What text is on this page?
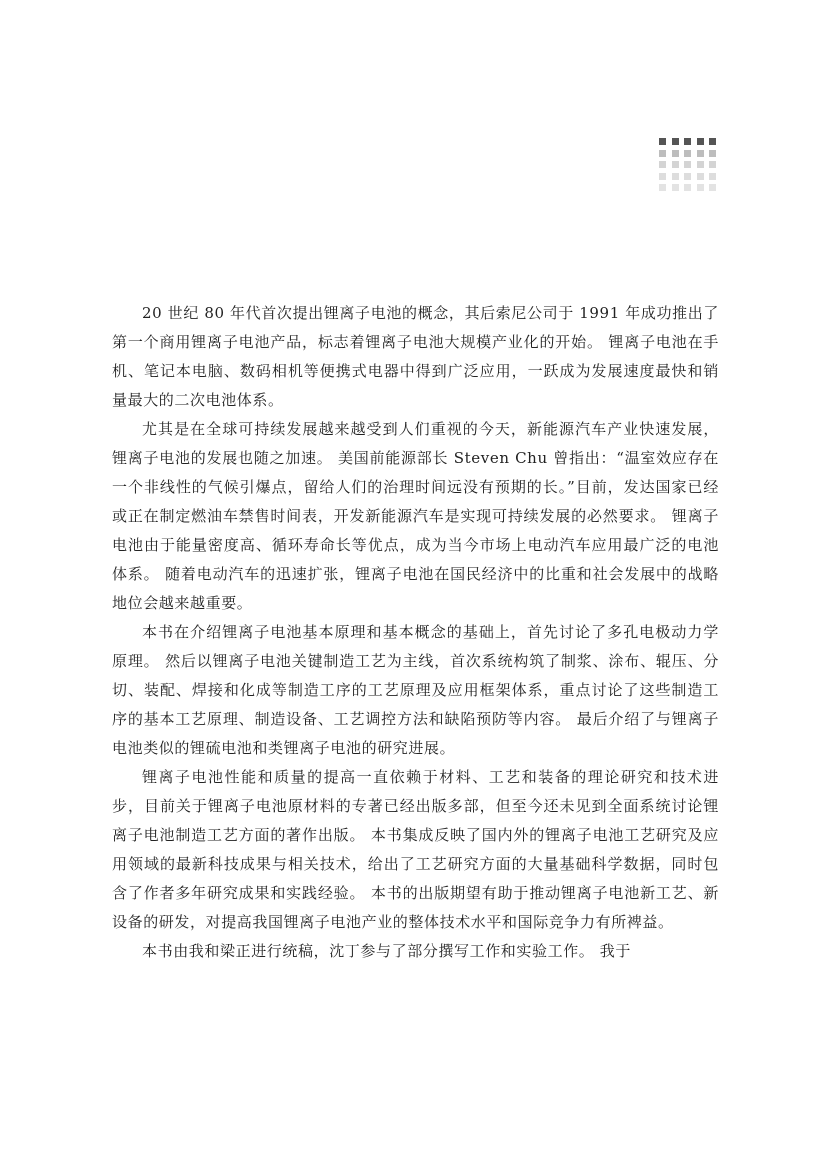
20 世纪 80 年代首次提出锂离子电池的概念，其后索尼公司于 1991 年成功推出了第一个商用锂离子电池产品，标志着锂离子电池大规模产业化的开始。 锂离子电池在手机、笔记本电脑、数码相机等便携式电器中得到广泛应用，一跃成为发展速度最快和销量最大的二次电池体系。

尤其是在全球可持续发展越来越受到人们重视的今天，新能源汽车产业快速发展，锂离子电池的发展也随之加速。 美国前能源部长 Steven Chu 曾指出：“温室效应存在一个非线性的气候引爆点，留给人们的治理时间远没有预期的长。”目前，发达国家已经或正在制定燃油车禁售时间表，开发新能源汽车是实现可持续发展的必然要求。 锂离子电池由于能量密度高、循环寿命长等优点，成为当今市场上电动汽车应用最广泛的电池体系。 随着电动汽车的迅速扩张，锂离子电池在国民经济中的比重和社会发展中的战略地位会越来越重要。

本书在介绍锂离子电池基本原理和基本概念的基础上，首先讨论了多孔电极动力学原理。 然后以锂离子电池关键制造工艺为主线，首次系统构筑了制浆、涂布、辊压、分切、装配、焊接和化成等制造工序的工艺原理及应用框架体系，重点讨论了这些制造工序的基本工艺原理、制造设备、工艺调控方法和缺陷预防等内容。 最后介绍了与锂离子电池类似的锂硫电池和类锂离子电池的研究进展。

锂离子电池性能和质量的提高一直依赖于材料、工艺和装备的理论研究和技术进步，目前关于锂离子电池原材料的专著已经出版多部，但至今还未见到全面系统讨论锂离子电池制造工艺方面的著作出版。 本书集成反映了国内外的锂离子电池工艺研究及应用领域的最新科技成果与相关技术，给出了工艺研究方面的大量基础科学数据，同时包含了作者多年研究成果和实践经验。 本书的出版期望有助于推动锂离子电池新工艺、新设备的研发，对提高我国锂离子电池产业的整体技术水平和国际竞争力有所裨益。

本书由我和梁正进行统稿，沈丁参与了部分撰写工作和实验工作。 我于
